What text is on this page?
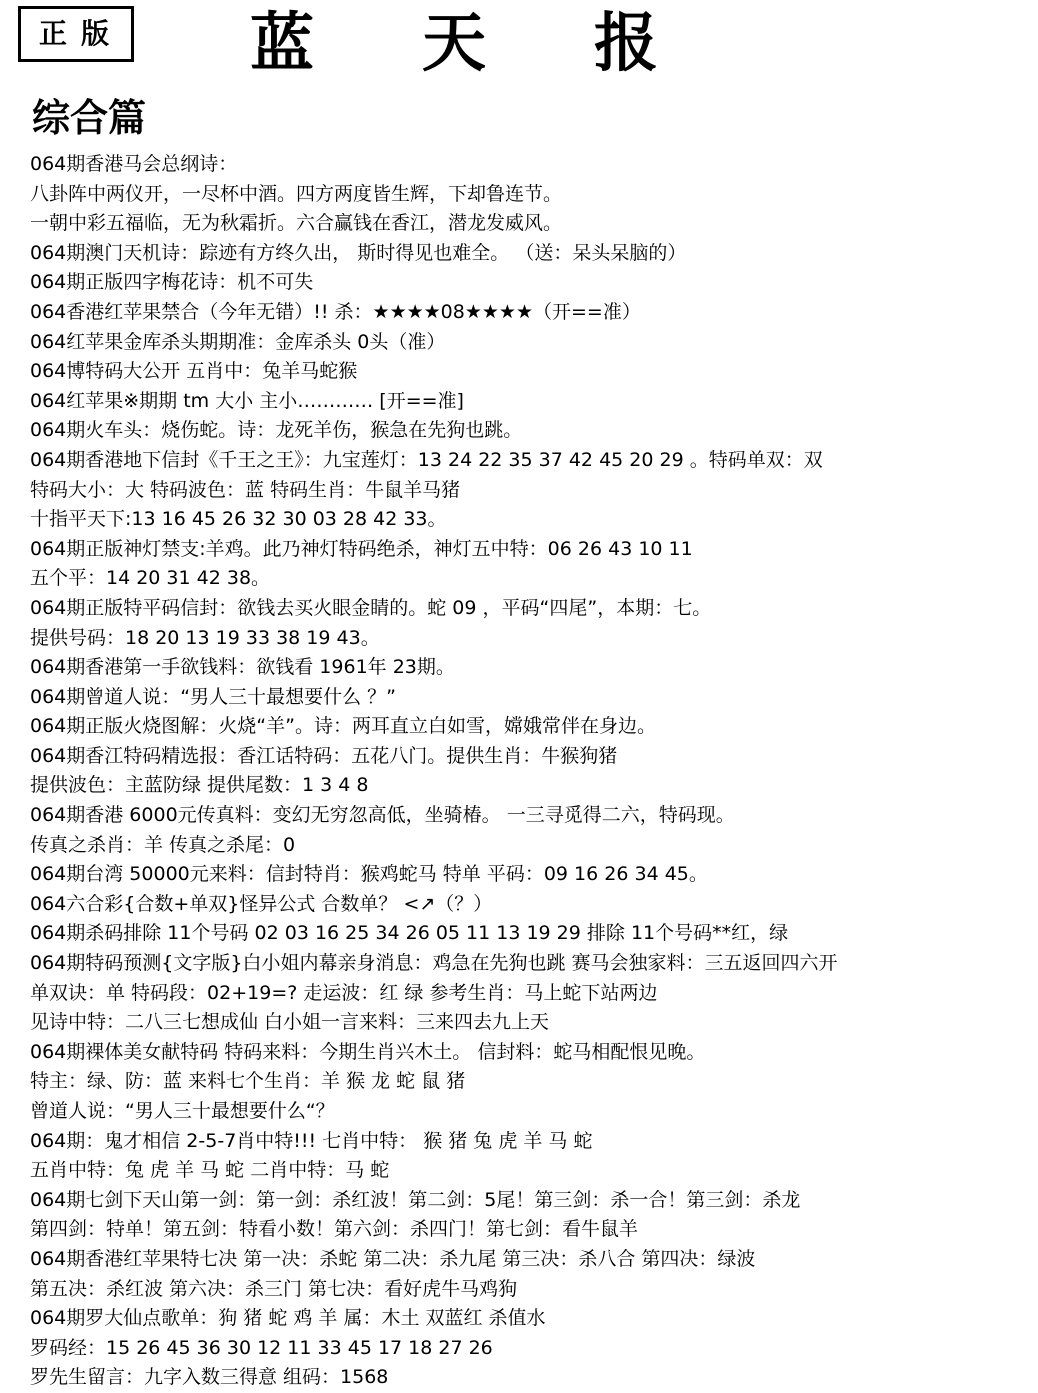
正版 蓝天报
综合篇
064期香港马会总纲诗：
八卦阵中两仪开，一尽杯中酒。四方两度皆生辉，下却鲁连节。
一朝中彩五福临，无为秋霜折。六合赢钱在香江，潜龙发威风。
064期澳门天机诗：踪迹有方终久出， 斯时得见也难全。 （送：呆头呆脑的）
064期正版四字梅花诗：机不可失
064香港红苹果禁合（今年无错）!! 杀：★★★★08★★★★（开==准）
064红苹果金库杀头期期准：金库杀头 0头（准）
064博特码大公开 五肖中：兔羊马蛇猴
064红苹果※期期 tm 大小 主小………… [开==准]
064期火车头：烧伤蛇。诗：龙死羊伤，猴急在先狗也跳。
064期香港地下信封《千王之王》：九宝莲灯：13 24 22 35 37 42 45 20 29 。特码单双：双
特码大小：大 特码波色：蓝 特码生肖：牛鼠羊马猪
十指平天下:13 16 45 26 32 30 03 28 42 33。
064期正版神灯禁支:羊鸡。此乃神灯特码绝杀，神灯五中特：06 26 43 10 11
五个平：14 20 31 42 38。
064期正版特平码信封：欲钱去买火眼金睛的。蛇 09 ，平码“四尾”，本期：七。
提供号码：18 20 13 19 33 38 19 43。
064期香港第一手欲钱料：欲钱看 1961年 23期。
064期曾道人说：“男人三十最想要什么 ？”
064期正版火烧图解：火烧“羊”。诗：两耳直立白如雪，嫦娥常伴在身边。
064期香江特码精选报：香江话特码：五花八门。提供生肖：牛猴狗猪
提供波色：主蓝防绿 提供尾数：1 3 4 8
064期香港 6000元传真料：变幻无穷忽高低，坐骑椿。 一三寻觅得二六，特码现。
传真之杀肖：羊 传真之杀尾：0
064期台湾 50000元来料：信封特肖：猴鸡蛇马 特单 平码：09 16 26 34 45。
064六合彩{合数+单双}怪异公式 合数单？ <↗（？）
064期杀码排除 11个号码 02 03 16 25 34 26 05 11 13 19 29 排除 11个号码**红，绿
064期特码预测{文字版}白小姐内幕亲身消息：鸡急在先狗也跳 赛马会独家料：三五返回四六开
单双诀：单 特码段：02+19=? 走运波：红 绿 参考生肖：马上蛇下站两边
见诗中特：二八三七想成仙 白小姐一言来料：三来四去九上天
064期裸体美女献特码 特码来料：今期生肖兴木土。 信封料：蛇马相配恨见晚。
特主：绿、防：蓝 来料七个生肖：羊 猴 龙 蛇 鼠 猪
曾道人说：“男人三十最想要什么“？
064期：鬼才相信 2-5-7肖中特!!! 七肖中特： 猴 猪 兔 虎 羊 马 蛇
五肖中特：兔 虎 羊 马 蛇 二肖中特：马 蛇
064期七剑下天山第一剑：第一剑：杀红波！第二剑：5尾！第三剑：杀一合！第三剑：杀龙
第四剑：特单！第五剑：特看小数！第六剑：杀四门！第七剑：看牛鼠羊
064期香港红苹果特七决 第一决：杀蛇 第二决：杀九尾 第三决：杀八合 第四决：绿波
第五决：杀红波 第六决：杀三门 第七决：看好虎牛马鸡狗
064期罗大仙点歌单：狗 猪 蛇 鸡 羊 属：木土 双蓝红 杀值水
罗码经：15 26 45 36 30 12 11 33 45 17 18 27 26
罗先生留言：九字入数三得意 组码：1568
